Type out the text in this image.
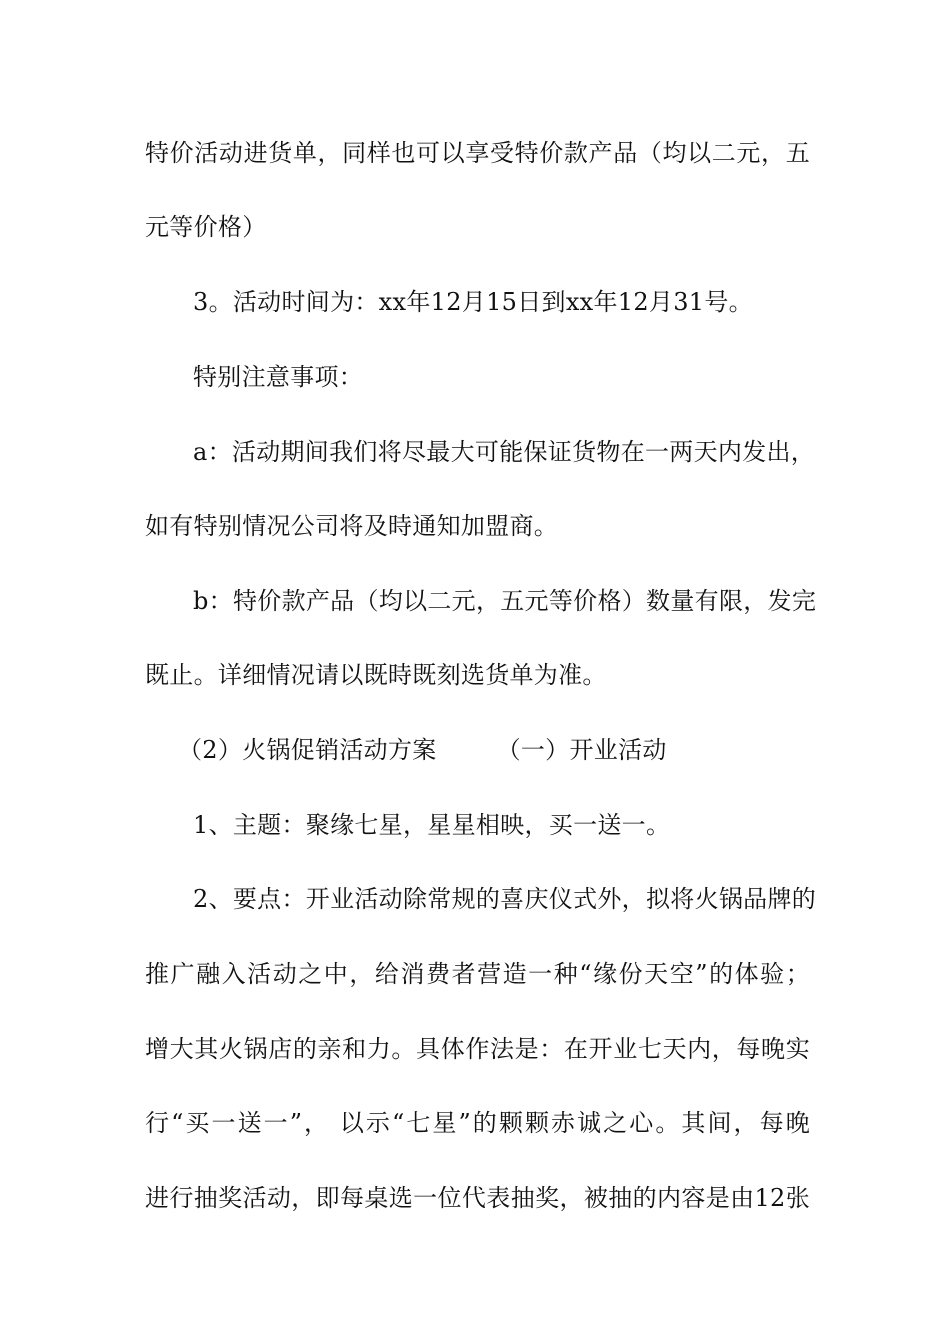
特价活动进货单，同样也可以享受特价款产品（均以二元，五
元等价格）
3。活动时间为：xx年12月15日到xx年12月31号。
特别注意事项：
a：活动期间我们将尽最大可能保证货物在一两天内发出，
如有特别情况公司将及時通知加盟商。
b：特价款产品（均以二元，五元等价格）数量有限，发完
既止。详细情况请以既時既刻选货单为准。
（2）火锅促销活动方案	（一）开业活动
1、主题：聚缘七星，星星相映，买一送一。
2、要点：开业活动除常规的喜庆仪式外，拟将火锅品牌的
推广融入活动之中，给消费者营造一种“缘份天空”的体验；
增大其火锅店的亲和力。具体作法是：在开业七天内，每晚实
行“买一送一”， 以示“七星”的颗颗赤诚之心。其间，每晚
进行抽奖活动，即每桌选一位代表抽奖，被抽的内容是由12张
